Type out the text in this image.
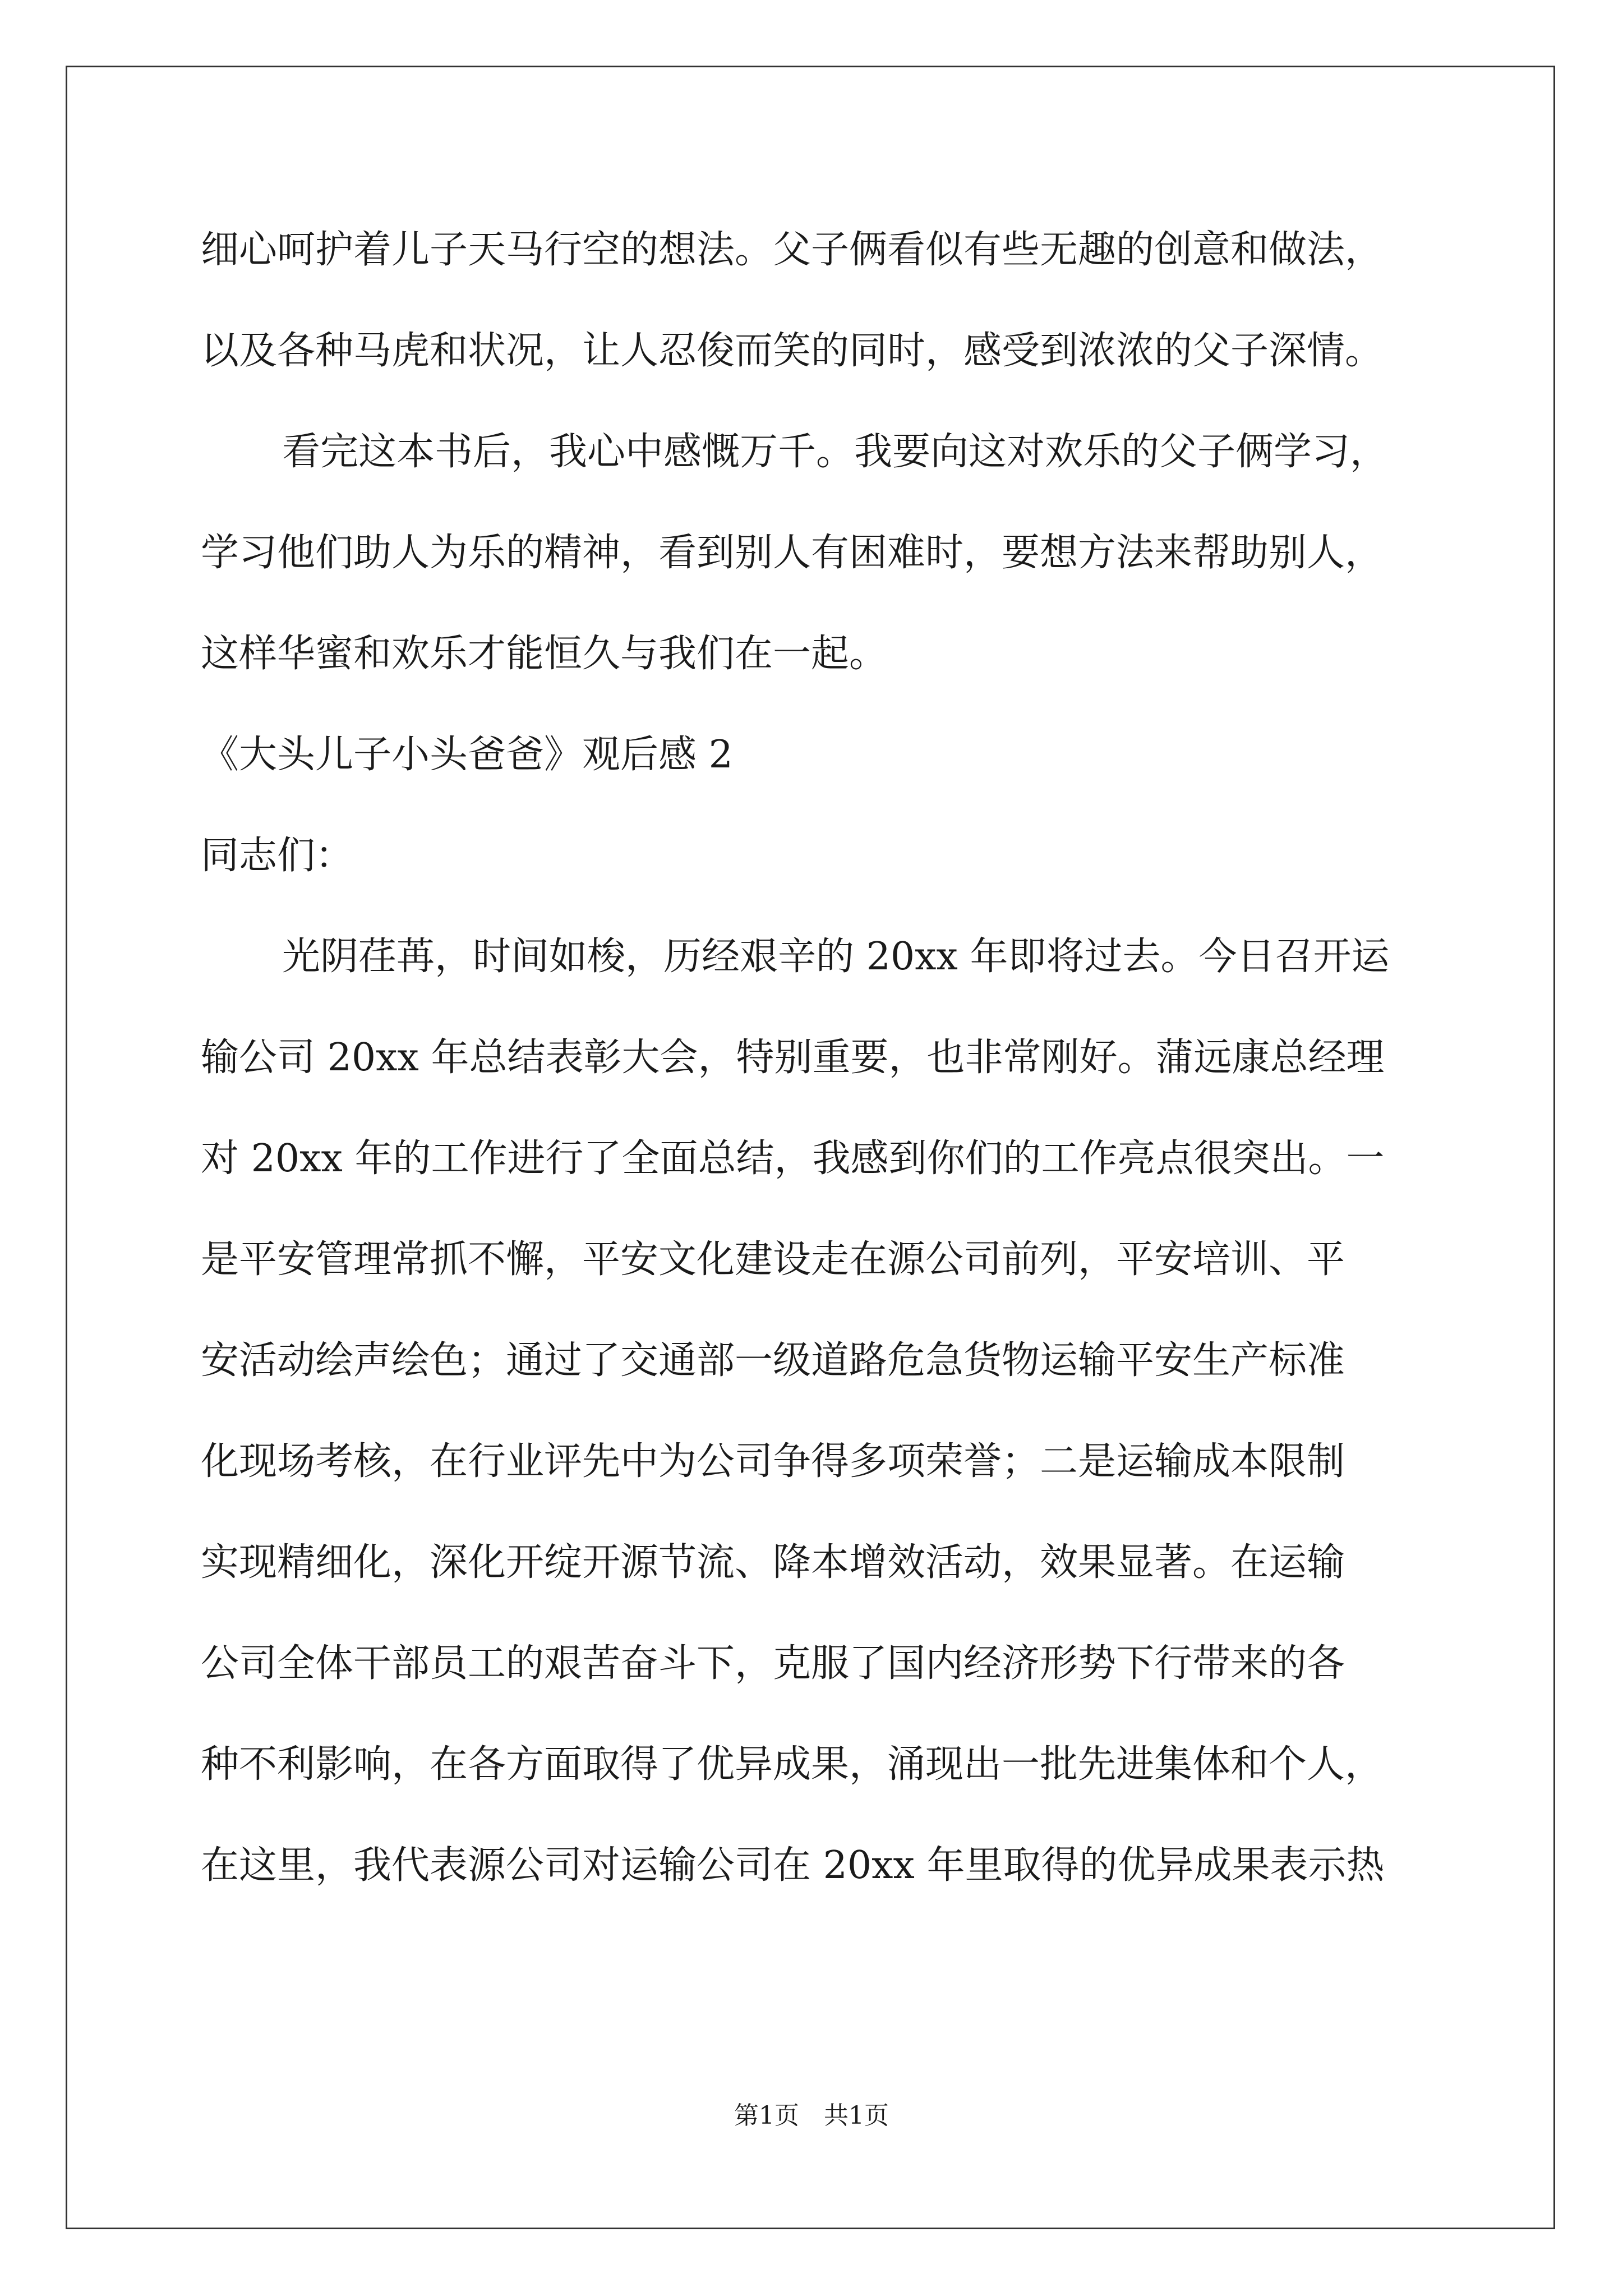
细心呵护着儿子天马行空的想法。父子俩看似有些无趣的创意和做法，
以及各种马虎和状况，让人忍俊而笑的同时，感受到浓浓的父子深情。
看完这本书后，我心中感慨万千。我要向这对欢乐的父子俩学习，
学习他们助人为乐的精神，看到别人有困难时，要想方法来帮助别人，
这样华蜜和欢乐才能恒久与我们在一起。
《大头儿子小头爸爸》观后感 2
同志们：
光阴荏苒，时间如梭，历经艰辛的 20xx 年即将过去。今日召开运
输公司 20xx 年总结表彰大会，特别重要，也非常刚好。蒲远康总经理
对 20xx 年的工作进行了全面总结，我感到你们的工作亮点很突出。一
是平安管理常抓不懈，平安文化建设走在源公司前列，平安培训、平
安活动绘声绘色；通过了交通部一级道路危急货物运输平安生产标准
化现场考核，在行业评先中为公司争得多项荣誉；二是运输成本限制
实现精细化，深化开绽开源节流、降本增效活动，效果显著。在运输
公司全体干部员工的艰苦奋斗下，克服了国内经济形势下行带来的各
种不利影响，在各方面取得了优异成果，涌现出一批先进集体和个人，
在这里，我代表源公司对运输公司在 20xx 年里取得的优异成果表示热
第1页　共1页
